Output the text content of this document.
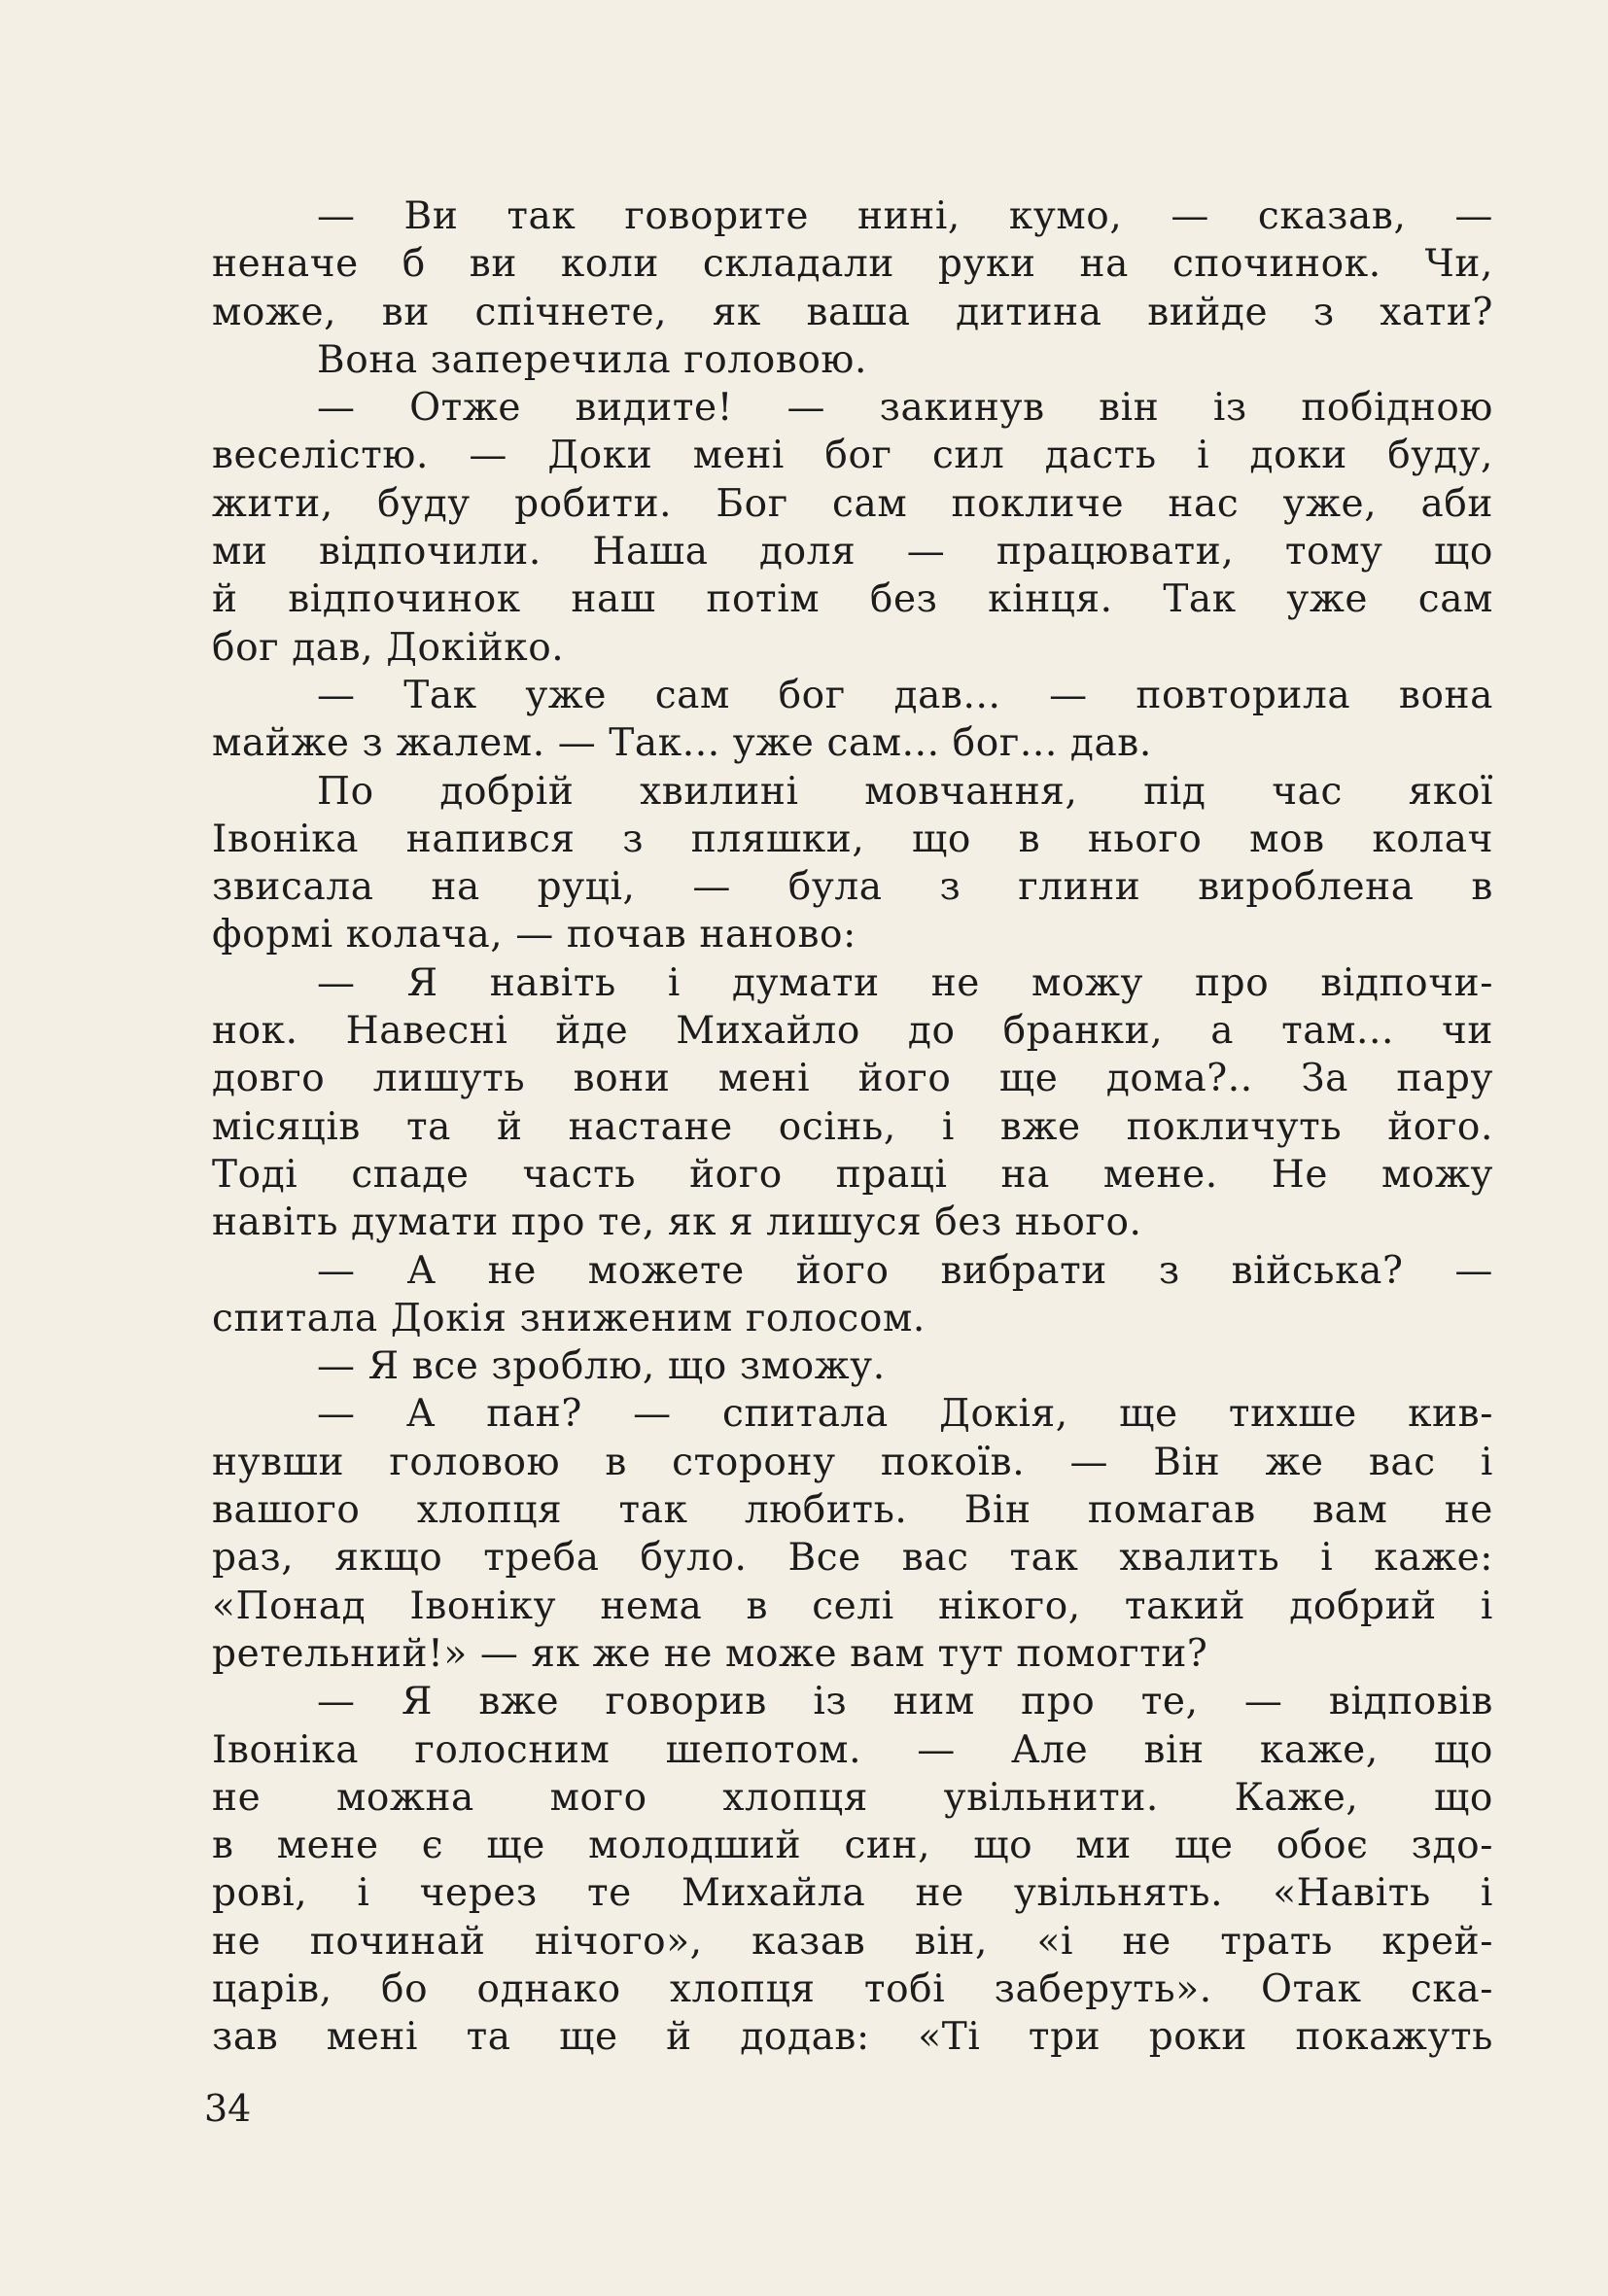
— Ви так говорите нині, кумо, — сказав, —
неначе б ви коли складали руки на спочинок. Чи,
може, ви спічнете, як ваша дитина вийде з хати?
Вона заперечила головою.
— Отже видите! — закинув він із побідною
веселістю. — Доки мені бог сил дасть і доки буду,
жити, буду робити. Бог сам покличе нас уже, аби
ми відпочили. Наша доля — працювати, тому що
й відпочинок наш потім без кінця. Так уже сам
бог дав, Докійко.
— Так уже сам бог дав... — повторила вона
майже з жалем. — Так... уже сам... бог... дав.
По добрій хвилині мовчання, під час якої
Івоніка напився з пляшки, що в нього мов колач
звисала на руці, — була з глини вироблена в
формі колача, — почав наново:
— Я навіть і думати не можу про відпочи-
нок. Навесні йде Михайло до бранки, а там... чи
довго лишуть вони мені його ще дома?.. За пару
місяців та й настане осінь, і вже покличуть його.
Тоді спаде часть його праці на мене. Не можу
навіть думати про те, як я лишуся без нього.
— А не можете його вибрати з війська? —
спитала Докія зниженим голосом.
— Я все зроблю, що зможу.
— А пан? — спитала Докія, ще тихше кив-
нувши головою в сторону покоїв. — Він же вас і
вашого хлопця так любить. Він помагав вам не
раз, якщо треба було. Все вас так хвалить і каже:
«Понад Івоніку нема в селі нікого, такий добрий і
ретельний!» — як же не може вам тут помогти?
— Я вже говорив із ним про те, — відповів
Івоніка голосним шепотом. — Але він каже, що
не можна мого хлопця увільнити. Каже, що
в мене є ще молодший син, що ми ще обоє здо-
рові, і через те Михайла не увільнять. «Навіть і
не починай нічого», казав він, «і не трать крей-
царів, бо однако хлопця тобі заберуть». Отак ска-
зав мені та ще й додав: «Ті три роки покажуть
34
